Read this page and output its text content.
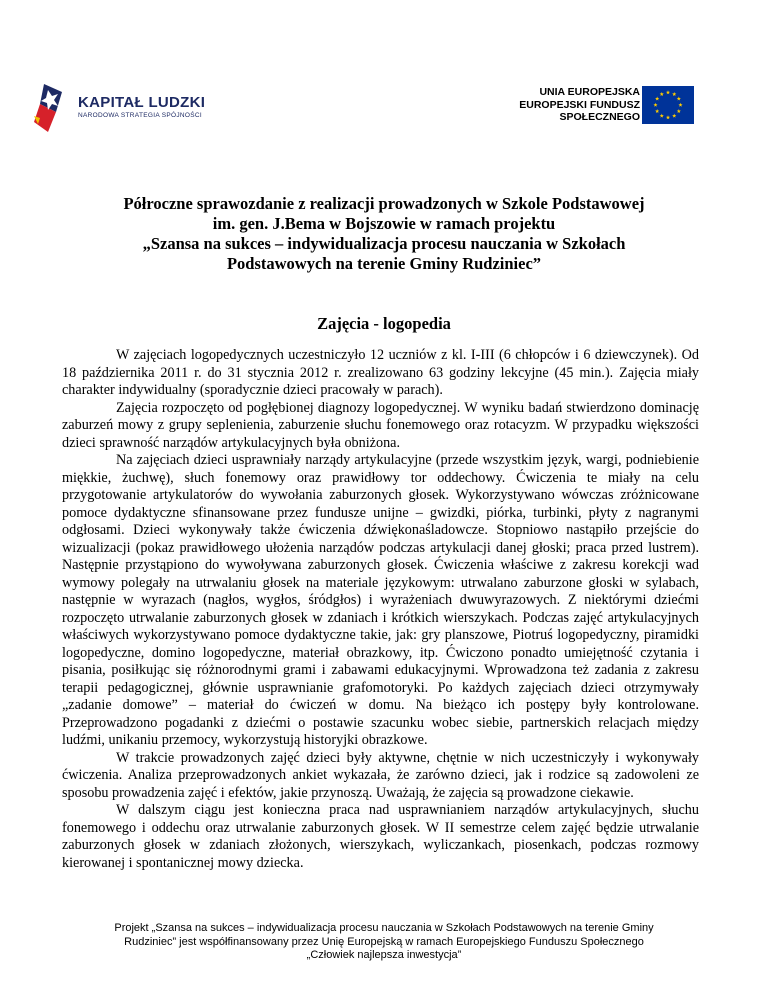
KAPITAŁ LUDZKI
NARODOWA STRATEGIA SPÓJNOŚCI
UNIA EUROPEJSKA
EUROPEJSKI FUNDUSZ
SPOŁECZNEGO
Półroczne sprawozdanie z realizacji prowadzonych w Szkole Podstawowej
im. gen. J.Bema w Bojszowie w ramach projektu
„Szansa na sukces – indywidualizacja procesu nauczania w Szkołach
Podstawowych na terenie Gminy Rudziniec”
Zajęcia - logopedia

W zajęciach logopedycznych uczestniczyło 12 uczniów z kl. I-III (6 chłopców i 6 dziewczynek). Od 18 października 2011 r. do 31 stycznia 2012 r. zrealizowano 63 godziny lekcyjne (45 min.). Zajęcia miały charakter indywidualny (sporadycznie dzieci pracowały w parach).

Zajęcia rozpoczęto od pogłębionej diagnozy logopedycznej. W wyniku badań stwierdzono dominację zaburzeń mowy z grupy seplenienia, zaburzenie słuchu fonemowego oraz rotacyzm. W przypadku większości dzieci sprawność narządów artykulacyjnych była obniżona.

Na zajęciach dzieci usprawniały narządy artykulacyjne (przede wszystkim język, wargi, podniebienie miękkie, żuchwę), słuch fonemowy oraz prawidłowy tor oddechowy. Ćwiczenia te miały na celu przygotowanie artykulatorów do wywołania zaburzonych głosek. Wykorzystywano wówczas zróżnicowane pomoce dydaktyczne sfinansowane przez fundusze unijne – gwizdki, piórka, turbinki, płyty z nagranymi odgłosami. Dzieci wykonywały także ćwiczenia dźwiękonaśladowcze. Stopniowo nastąpiło przejście do wizualizacji (pokaz prawidłowego ułożenia narządów podczas artykulacji danej głoski; praca przed lustrem). Następnie przystąpiono do wywoływana zaburzonych głosek. Ćwiczenia właściwe z zakresu korekcji wad wymowy polegały na utrwalaniu głosek na materiale językowym: utrwalano zaburzone głoski w sylabach, następnie w wyrazach (nagłos, wygłos, śródgłos) i wyrażeniach dwuwyrazowych. Z niektórymi dziećmi rozpoczęto utrwalanie zaburzonych głosek w zdaniach i krótkich wierszykach. Podczas zajęć artykulacyjnych właściwych wykorzystywano pomoce dydaktyczne takie, jak: gry planszowe, Piotruś logopedyczny, piramidki logopedyczne, domino logopedyczne, materiał obrazkowy, itp. Ćwiczono ponadto umiejętność czytania i pisania, posiłkując się różnorodnymi grami i zabawami edukacyjnymi. Wprowadzona też zadania z zakresu terapii pedagogicznej, głównie usprawnianie grafomotoryki. Po każdych zajęciach dzieci otrzymywały „zadanie domowe” – materiał do ćwiczeń w domu. Na bieżąco ich postępy były kontrolowane. Przeprowadzono pogadanki z dziećmi o postawie szacunku wobec siebie, partnerskich relacjach między ludźmi, unikaniu przemocy, wykorzystują historyjki obrazkowe.

W trakcie prowadzonych zajęć dzieci były aktywne, chętnie w nich uczestniczyły i wykonywały ćwiczenia. Analiza przeprowadzonych ankiet wykazała, że zarówno dzieci, jak i rodzice są zadowoleni ze sposobu prowadzenia zajęć i efektów, jakie przynoszą. Uważają, że zajęcia są prowadzone ciekawie.

W dalszym ciągu jest konieczna praca nad usprawnianiem narządów artykulacyjnych, słuchu fonemowego i oddechu oraz utrwalanie zaburzonych głosek. W II semestrze celem zajęć będzie utrwalanie zaburzonych głosek w zdaniach złożonych, wierszykach, wyliczankach, piosenkach, podczas rozmowy kierowanej i spontanicznej mowy dziecka.

Projekt „Szansa na sukces – indywidualizacja procesu nauczania w Szkołach Podstawowych na terenie Gminy
Rudziniec” jest współfinansowany przez Unię Europejską w ramach Europejskiego Funduszu Społecznego
„Człowiek najlepsza inwestycja”
